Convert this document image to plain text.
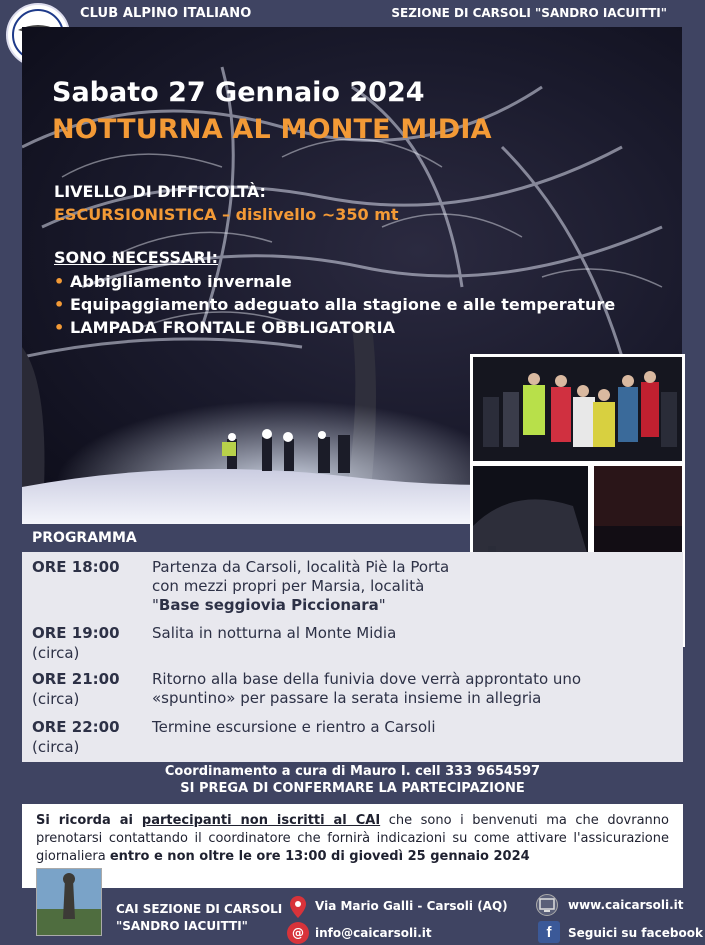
CLUB ALPINO ITALIANO	SEZIONE DI CARSOLI "SANDRO IACUITTI"
Sabato 27 Gennaio 2024
NOTTURNA AL MONTE MIDIA
LIVELLO DI DIFFICOLTÀ:
ESCURSIONISTICA – dislivello ~350 mt
SONO NECESSARI:
• Abbigliamento invernale
• Equipaggiamento adeguato alla stagione e alle temperature
• LAMPADA FRONTALE OBBLIGATORIA
PROGRAMMA
ORE 18:00 Partenza da Carsoli, località Piè la Porta
con mezzi propri per Marsia, località
"Base seggiovia Piccionara"
ORE 19:00
(circa)
Salita in notturna al Monte Midia
ORE 21:00
(circa)
Ritorno alla base della funivia dove verrà approntato uno
«spuntino» per passare la serata insieme in allegria
ORE 22:00
(circa)
Termine escursione e rientro a Carsoli
Coordinamento a cura di Mauro I. cell 333 9654597
SI PREGA DI CONFERMARE LA PARTECIPAZIONE
Si ricorda ai partecipanti non iscritti al CAI che sono i benvenuti ma che dovranno prenotarsi contattando il coordinatore che fornirà indicazioni su come attivare l'assicurazione giornaliera entro e non oltre le ore 13:00 di giovedì 25 gennaio 2024
CAI SEZIONE DI CARSOLI
"SANDRO IACUITTI"
Via Mario Galli - Carsoli (AQ)
@ info@caicarsoli.it
www.caicarsoli.it
f Seguici su facebook
